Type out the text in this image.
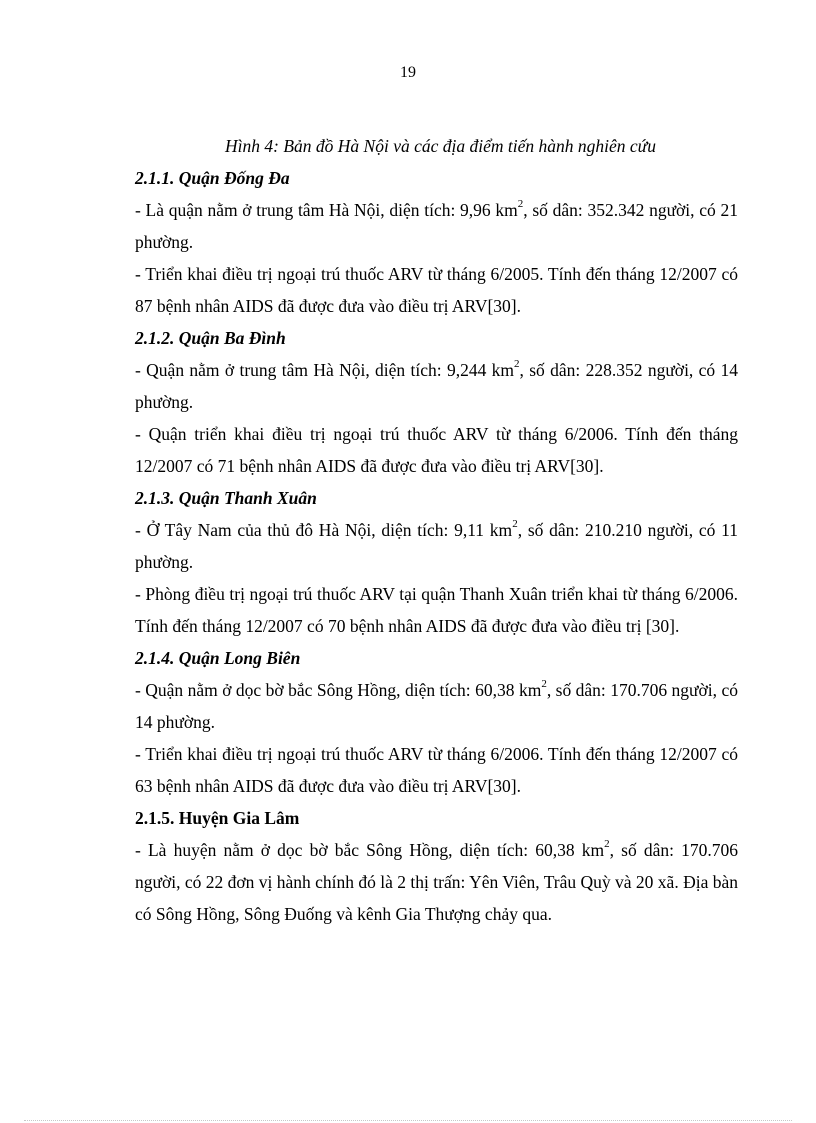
19

Hình 4: Bản đồ Hà Nội và các địa điểm tiến hành nghiên cứu

2.1.1. Quận Đống Đa

- Là quận nằm ở trung tâm Hà Nội, diện tích: 9,96 $km^2$, số dân: 352.342 người, có 21 phường.

- Triển khai điều trị ngoại trú thuốc ARV từ tháng 6/2005. Tính đến tháng 12/2007 có 87 bệnh nhân AIDS đã được đưa vào điều trị ARV[30].

2.1.2. Quận Ba Đình

- Quận nằm ở trung tâm Hà Nội, diện tích: 9,244 $km^2$, số dân: 228.352 người, có 14 phường.

- Quận triển khai điều trị ngoại trú thuốc ARV từ tháng 6/2006. Tính đến tháng 12/2007 có 71 bệnh nhân AIDS đã được đưa vào điều trị ARV[30].

2.1.3. Quận Thanh Xuân

- Ở Tây Nam của thủ đô Hà Nội, diện tích: 9,11 $km^2$, số dân: 210.210 người, có 11 phường.

- Phòng điều trị ngoại trú thuốc ARV tại quận Thanh Xuân triển khai từ tháng 6/2006. Tính đến tháng 12/2007 có 70 bệnh nhân AIDS đã được đưa vào điều trị [30].

2.1.4. Quận Long Biên

- Quận nằm ở dọc bờ bắc Sông Hồng, diện tích: 60,38 $km^2$, số dân: 170.706 người, có 14 phường.

- Triển khai điều trị ngoại trú thuốc ARV từ tháng 6/2006. Tính đến tháng 12/2007 có 63 bệnh nhân AIDS đã được đưa vào điều trị ARV[30].

2.1.5. Huyện Gia Lâm

- Là huyện nằm ở dọc bờ bắc Sông Hồng, diện tích: 60,38 $km^2$, số dân: 170.706 người, có 22 đơn vị hành chính đó là 2 thị trấn: Yên Viên, Trâu Quỳ và 20 xã. Địa bàn có Sông Hồng, Sông Đuống và kênh Gia Thượng chảy qua.
